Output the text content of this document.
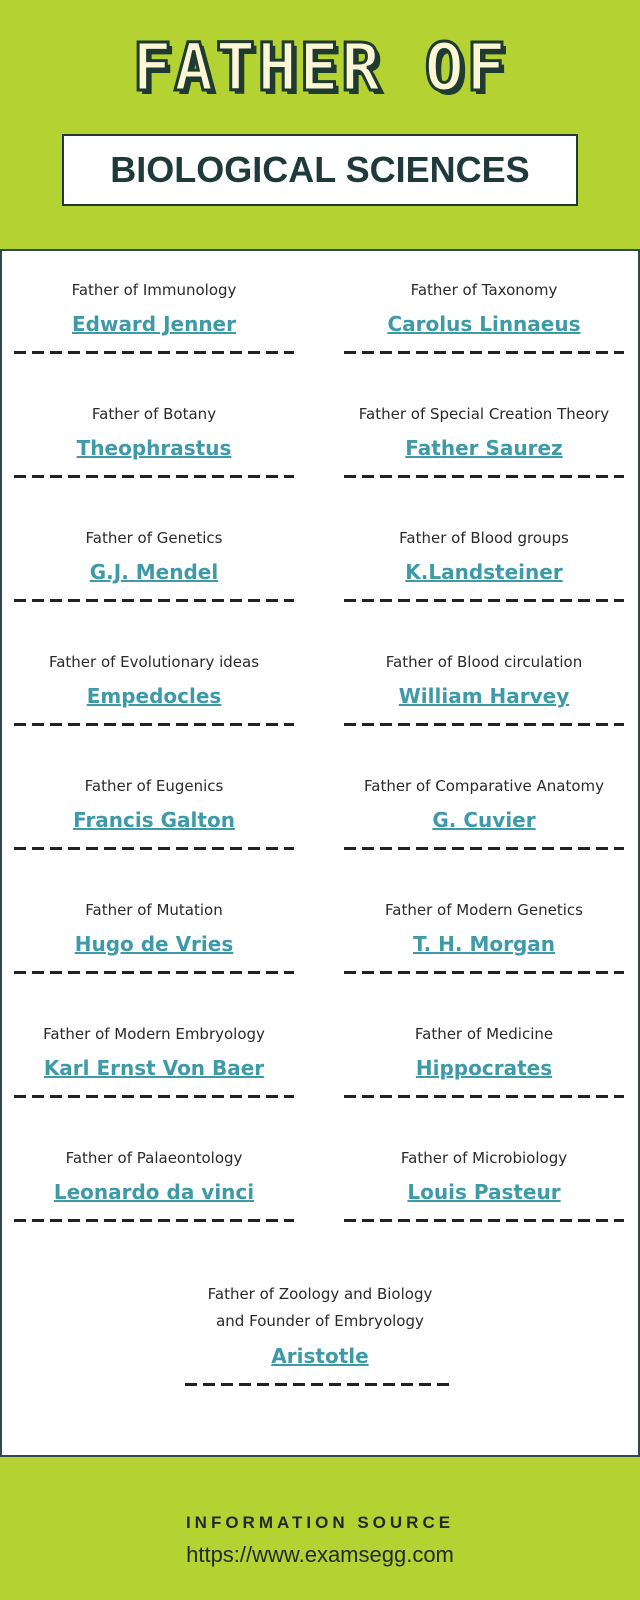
FATHER OF
BIOLOGICAL SCIENCES
Father of Immunology
Edward Jenner
Father of Taxonomy
Carolus Linnaeus
Father of Botany
Theophrastus
Father of Special Creation Theory
Father Saurez
Father of Genetics
G.J. Mendel
Father of Blood groups
K.Landsteiner
Father of Evolutionary ideas
Empedocles
Father of Blood circulation
William Harvey
Father of Eugenics
Francis Galton
Father of Comparative Anatomy
G. Cuvier
Father of Mutation
Hugo de Vries
Father of Modern Genetics
T. H. Morgan
Father of Modern Embryology
Karl Ernst Von Baer
Father of Medicine
Hippocrates
Father of Palaeontology
Leonardo da vinci
Father of Microbiology
Louis Pasteur
Father of Zoology and Biology
and Founder of Embryology
Aristotle
INFORMATION SOURCE
https://www.examsegg.com
